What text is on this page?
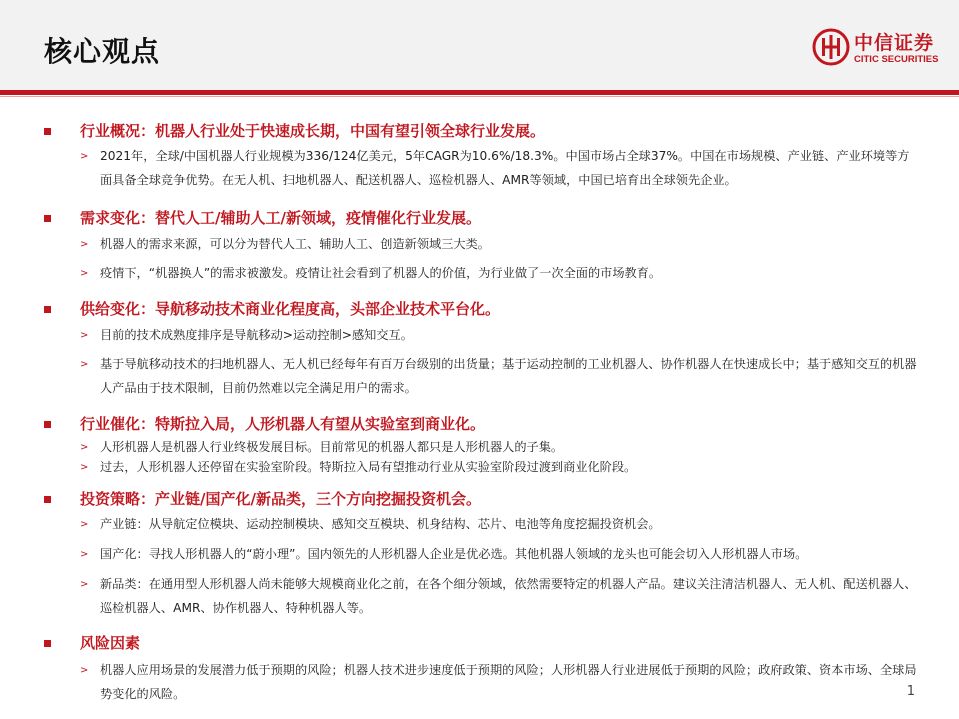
核心观点	中信证券
CITIC SECURITIES
行业概况：机器人行业处于快速成长期，中国有望引领全球行业发展。
> 2021年，全球/中国机器人行业规模为336/124亿美元，5年CAGR为10.6%/18.3%。中国市场占全球37%。中国在市场规模、产业链、产业环境等方面具备全球竞争优势。在无人机、扫地机器人、配送机器人、巡检机器人、AMR等领域，中国已培育出全球领先企业。
需求变化：替代人工/辅助人工/新领域，疫情催化行业发展。
> 机器人的需求来源，可以分为替代人工、辅助人工、创造新领域三大类。
> 疫情下，“机器换人”的需求被激发。疫情让社会看到了机器人的价值，为行业做了一次全面的市场教育。
供给变化：导航移动技术商业化程度高，头部企业技术平台化。
> 目前的技术成熟度排序是导航移动>运动控制>感知交互。
> 基于导航移动技术的扫地机器人、无人机已经每年有百万台级别的出货量；基于运动控制的工业机器人、协作机器人在快速成长中；基于感知交互的机器人产品由于技术限制，目前仍然难以完全满足用户的需求。
行业催化：特斯拉入局，人形机器人有望从实验室到商业化。
> 人形机器人是机器人行业终极发展目标。目前常见的机器人都只是人形机器人的子集。
> 过去，人形机器人还停留在实验室阶段。特斯拉入局有望推动行业从实验室阶段过渡到商业化阶段。
投资策略：产业链/国产化/新品类，三个方向挖掘投资机会。
> 产业链：从导航定位模块、运动控制模块、感知交互模块、机身结构、芯片、电池等角度挖掘投资机会。
> 国产化：寻找人形机器人的“蔚小理”。国内领先的人形机器人企业是优必选。其他机器人领域的龙头也可能会切入人形机器人市场。
> 新品类：在通用型人形机器人尚未能够大规模商业化之前，在各个细分领域，依然需要特定的机器人产品。建议关注清洁机器人、无人机、配送机器人、巡检机器人、AMR、协作机器人、特种机器人等。
风险因素
> 机器人应用场景的发展潜力低于预期的风险；机器人技术进步速度低于预期的风险；人形机器人行业进展低于预期的风险；政府政策、资本市场、全球局势变化的风险。	1
